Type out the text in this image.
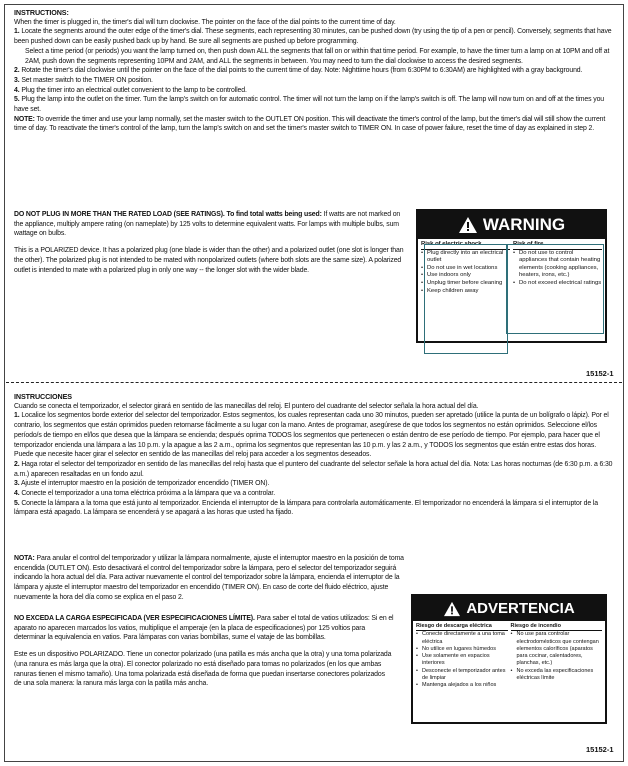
INSTRUCTIONS:

When the timer is plugged in, the timer's dial will turn clockwise. The pointer on the face of the dial points to the current time of day.

1. Locate the segments around the outer edge of the timer's dial. These segments, each representing 30 minutes, can be pushed down (try using the tip of a pen or pencil). Conversely, segments that have been pushed down can be easily pushed back up by hand. Be sure all segments are pushed up before programming.

Select a time period (or periods) you want the lamp turned on, then push down ALL the segments that fall on or within that time period. For example, to have the timer turn a lamp on at 10PM and off at 2AM, push down the segments representing 10PM and 2AM, and ALL the segments in between. You may need to turn the dial clockwise to access the desired segments.

2. Rotate the timer's dial clockwise until the pointer on the face of the dial points to the current time of day. Note: Nighttime hours (from 6:30PM to 6:30AM) are highlighted with a gray background.

3. Set master switch to the TIMER ON position.

4. Plug the timer into an electrical outlet convenient to the lamp to be controlled.

5. Plug the lamp into the outlet on the timer. Turn the lamp's switch on for automatic control. The timer will not turn the lamp on if the lamp's switch is off. The lamp will now turn on and off at the times you have set.

NOTE: To override the timer and use your lamp normally, set the master switch to the OUTLET ON position. This will deactivate the timer's control of the lamp, but the timer's dial will still show the current time of day. To reactivate the timer's control of the lamp, turn the lamp's switch on and set the timer's master switch to TIMER ON. In case of power failure, reset the time of day as explained in step 2.

DO NOT PLUG IN MORE THAN THE RATED LOAD (SEE RATINGS). To find total watts being used: If watts are not marked on the appliance, multiply ampere rating (on nameplate) by 125 volts to determine equivalent watts. For lamps with multiple bulbs, sum wattage on bulbs.

This is a POLARIZED device. It has a polarized plug (one blade is wider than the other) and a polarized outlet (one slot is longer than the other). The polarized plug is not intended to be mated with nonpolarized outlets (where both slots are the same size). A polarized outlet is intended to mate with a polarized plug in only one way -- the longer slot with the wider blade.

WARNING
Risk of electric shock
• Plug directly into an electrical outlet
• Do not use in wet locations
• Use indoors only
• Unplug timer before cleaning
• Keep children away
Risk of fire
• Do not use to control appliances that contain heating elements (cooking appliances, heaters, irons, etc.)
• Do not exceed electrical ratings
15152-1

INSTRUCCIONES

Cuando se conecta el temporizador, el selector girará en sentido de las manecillas del reloj. El puntero del cuadrante del selector señala la hora actual del día.

1. Localice los segmentos borde exterior del selector del temporizador. Estos segmentos, los cuales representan cada uno 30 minutos, pueden ser apretado (utilice la punta de un bolígrafo o lápiz). Por el contrario, los segmentos que están oprimidos pueden retornarse fácilmente a su lugar con la mano. Antes de programar, asegúrese de que todos los segmentos no están oprimidos. Seleccione el/los período/s de tiempo en el/los que desea que la lámpara se encienda; después oprima TODOS los segmentos que pertenecen o están dentro de ese período de tiempo. Por ejemplo, para hacer que el temporizador encienda una lámpara a las 10 p.m. y la apague a las 2 a.m., oprima los segmentos que representan las 10 p.m. y las 2 a.m., y TODOS los segmentos que están entre estas dos horas. Puede que necesite hacer girar el selector en sentido de las manecillas del reloj para acceder a los segmentos deseados.

2. Haga rotar el selector del temporizador en sentido de las manecillas del reloj hasta que el puntero del cuadrante del selector señale la hora actual del día. Nota: Las horas nocturnas (de 6:30 p.m. a 6:30 a.m.) aparecen resaltadas en un fondo azul.

3. Ajuste el interruptor maestro en la posición de temporizador encendido (TIMER ON).

4. Conecte el temporizador a una toma eléctrica próxima a la lámpara que va a controlar.

5. Conecte la lámpara a la toma que está junto al temporizador. Encienda el interruptor de la lámpara para controlarla automáticamente. El temporizador no encenderá la lámpara si el interruptor de la lámpara está apagado. La lámpara se encenderá y se apagará a las horas que usted ha fijado.

NOTA: Para anular el control del temporizador y utilizar la lámpara normalmente, ajuste el interruptor maestro en la posición de toma encendida (OUTLET ON). Esto desactivará el control del temporizador sobre la lámpara, pero el selector del temporizador seguirá indicando la hora actual del día. Para activar nuevamente el control del temporizador sobre la lámpara, encienda el interruptor de la lámpara y ajuste el interruptor maestro del temporizador en encendido (TIMER ON). En caso de corte del fluido eléctrico, ajuste nuevamente la hora del día como se explica en el paso 2.

NO EXCEDA LA CARGA ESPECIFICADA (VER ESPECIFICACIONES LÍMITE). Para saber el total de vatios utilizados: Si en el aparato no aparecen marcados los vatios, multiplique el amperaje (en la placa de especificaciones) por 125 voltios para determinar la equivalencia en vatios. Para lámparas con varias bombillas, sume el vataje de las bombillas.

Este es un dispositivo POLARIZADO. Tiene un conector polarizado (una patilla es más ancha que la otra) y una toma polarizada (una ranura es más larga que la otra). El conector polarizado no está diseñado para tomas no polarizados (en los que ambas ranuras tienen el mismo tamaño). Una toma polarizada está diseñada de forma que puedan insertarse conectores polarizados de una sola manera: la ranura más larga con la patilla más ancha.

ADVERTENCIA
Riesgo de descarga eléctrica
• Conecte directamente a una toma eléctrica
• No utilice en lugares húmedos
• Use solamente en espacios interiores
• Desconecte el temporizador antes de limpiar
• Mantenga alejados a los niños
Riesgo de incendio
• No use para controlar electrodomésticos que contengan elementos caloríficos (aparatos para cocinar, calentadores, planchas, etc.)
• No exceda las especificaciones eléctricas límite
15152-1
